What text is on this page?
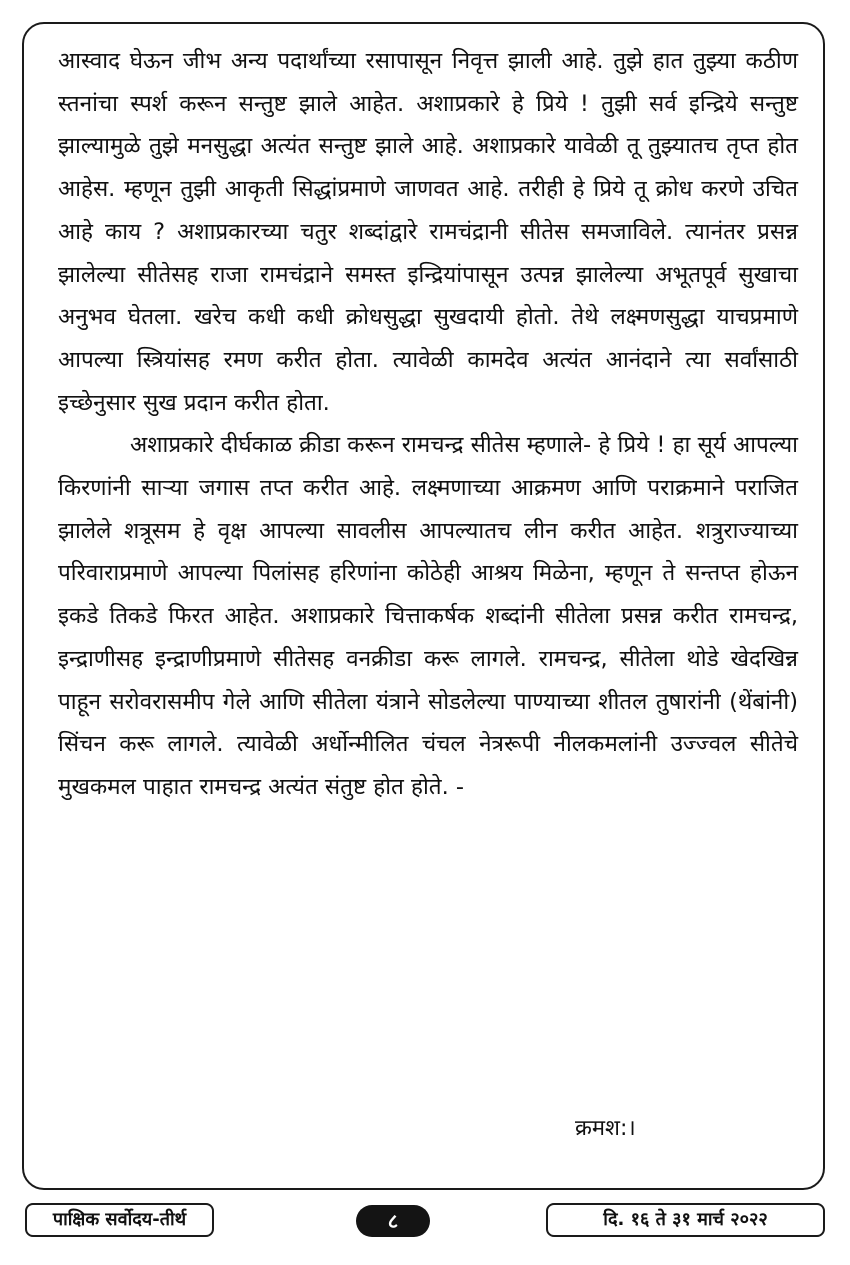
आस्वाद घेऊन जीभ अन्य पदार्थांच्या रसापासून निवृत्त झाली आहे. तुझे हात तुझ्या कठीण स्तनांचा स्पर्श करून सन्तुष्ट झाले आहेत. अशाप्रकारे हे प्रिये ! तुझी सर्व इन्द्रिये सन्तुष्ट झाल्यामुळे तुझे मनसुद्धा अत्यंत सन्तुष्ट झाले आहे. अशाप्रकारे यावेळी तू तुझ्यातच तृप्त होत आहेस. म्हणून तुझी आकृती सिद्धांप्रमाणे जाणवत आहे. तरीही हे प्रिये तू क्रोध करणे उचित आहे काय ? अशाप्रकारच्या चतुर शब्दांद्वारे रामचंद्रानी सीतेस समजाविले. त्यानंतर प्रसन्न झालेल्या सीतेसह राजा रामचंद्राने समस्त इन्द्रियांपासून उत्पन्न झालेल्या अभूतपूर्व सुखाचा अनुभव घेतला. खरेच कधी कधी क्रोधसुद्धा सुखदायी होतो. तेथे लक्ष्मणसुद्धा याचप्रमाणे आपल्या स्त्रियांसह रमण करीत होता. त्यावेळी कामदेव अत्यंत आनंदाने त्या सर्वांसाठी इच्छेनुसार सुख प्रदान करीत होता.

अशाप्रकारे दीर्घकाळ क्रीडा करून रामचन्द्र सीतेस म्हणाले- हे प्रिये ! हा सूर्य आपल्या किरणांनी साऱ्या जगास तप्त करीत आहे. लक्ष्मणाच्या आक्रमण आणि पराक्रमाने पराजित झालेले शत्रूसम हे वृक्ष आपल्या सावलीस आपल्यातच लीन करीत आहेत. शत्रुराज्याच्या परिवाराप्रमाणे आपल्या पिलांसह हरिणांना कोठेही आश्रय मिळेना, म्हणून ते सन्तप्त होऊन इकडे तिकडे फिरत आहेत. अशाप्रकारे चित्ताकर्षक शब्दांनी सीतेला प्रसन्न करीत रामचन्द्र, इन्द्राणीसह इन्द्राणीप्रमाणे सीतेसह वनक्रीडा करू लागले. रामचन्द्र, सीतेला थोडे खेदखिन्न पाहून सरोवरासमीप गेले आणि सीतेला यंत्राने सोडलेल्या पाण्याच्या शीतल तुषारांनी (थेंबांनी) सिंचन करू लागले. त्यावेळी अर्धोन्मीलित चंचल नेत्ररूपी नीलकमलांनी उज्ज्वल सीतेचे मुखकमल पाहात रामचन्द्र अत्यंत संतुष्ट होत होते. -

क्रमश:।
पाक्षिक सर्वोदय-तीर्थ	८	दि. १६ ते ३१ मार्च २०२२
